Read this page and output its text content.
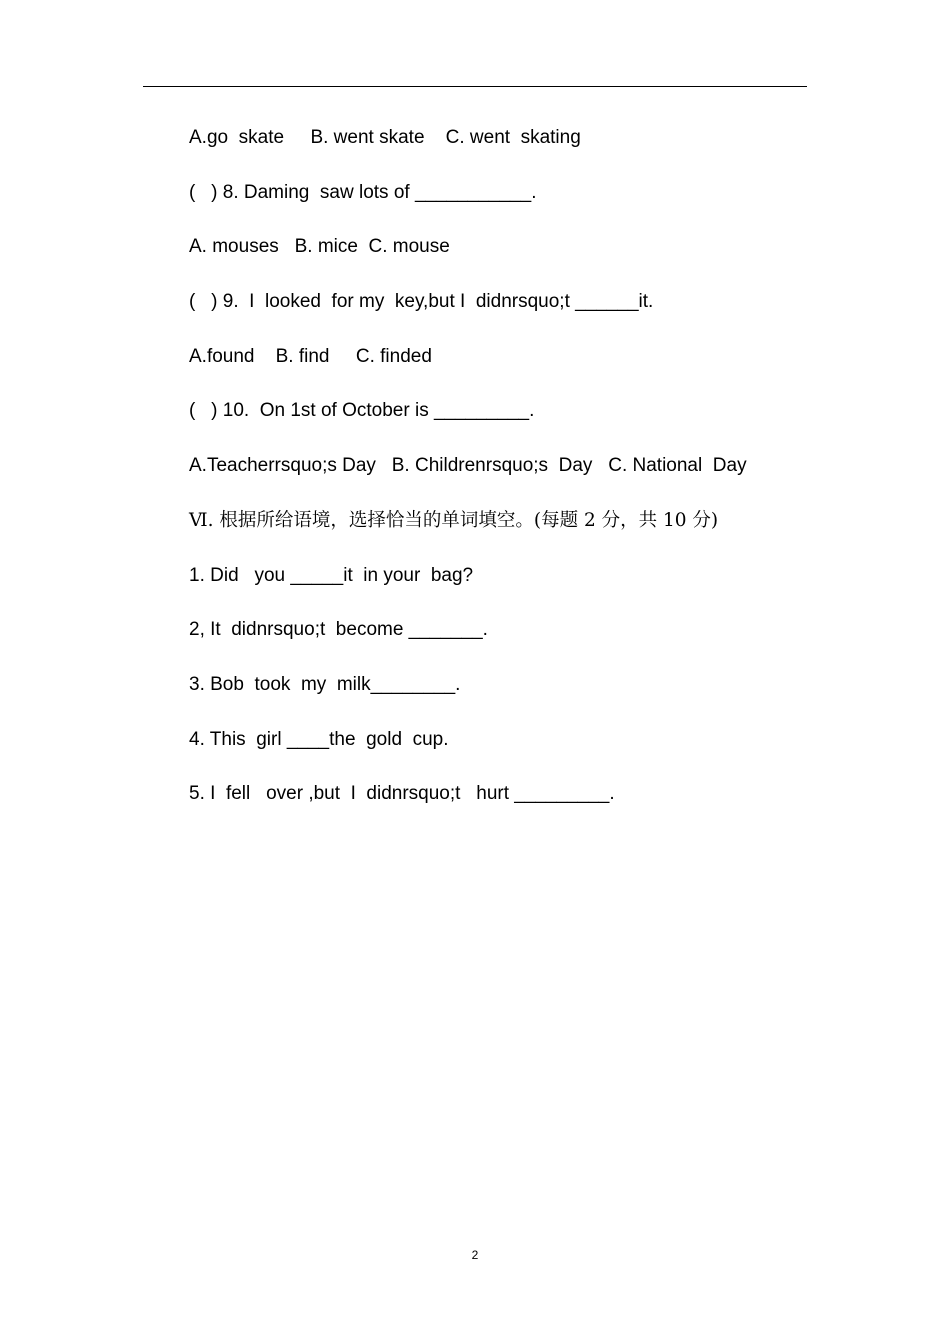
A.go  skate     B. went skate    C. went  skating
(   ) 8. Daming  saw lots of ___________.
A. mouses   B. mice  C. mouse
(   ) 9.  I  looked  for my  key,but I  didnrsquo;t ______it.
A.found    B. find     C. finded
(   ) 10.  On 1st of October is _________.
A.Teacherrsquo;s Day   B. Childrenrsquo;s  Day   C. National  Day
Ⅵ. 根据所给语境，选择恰当的单词填空。(每题 2 分，共 10 分)
1. Did   you _____it  in your  bag?
2, It  didnrsquo;t  become _______.
3. Bob  took  my  milk________.
4. This  girl ____the  gold  cup.
5. I  fell   over ,but  I  didnrsquo;t   hurt _________.
2
